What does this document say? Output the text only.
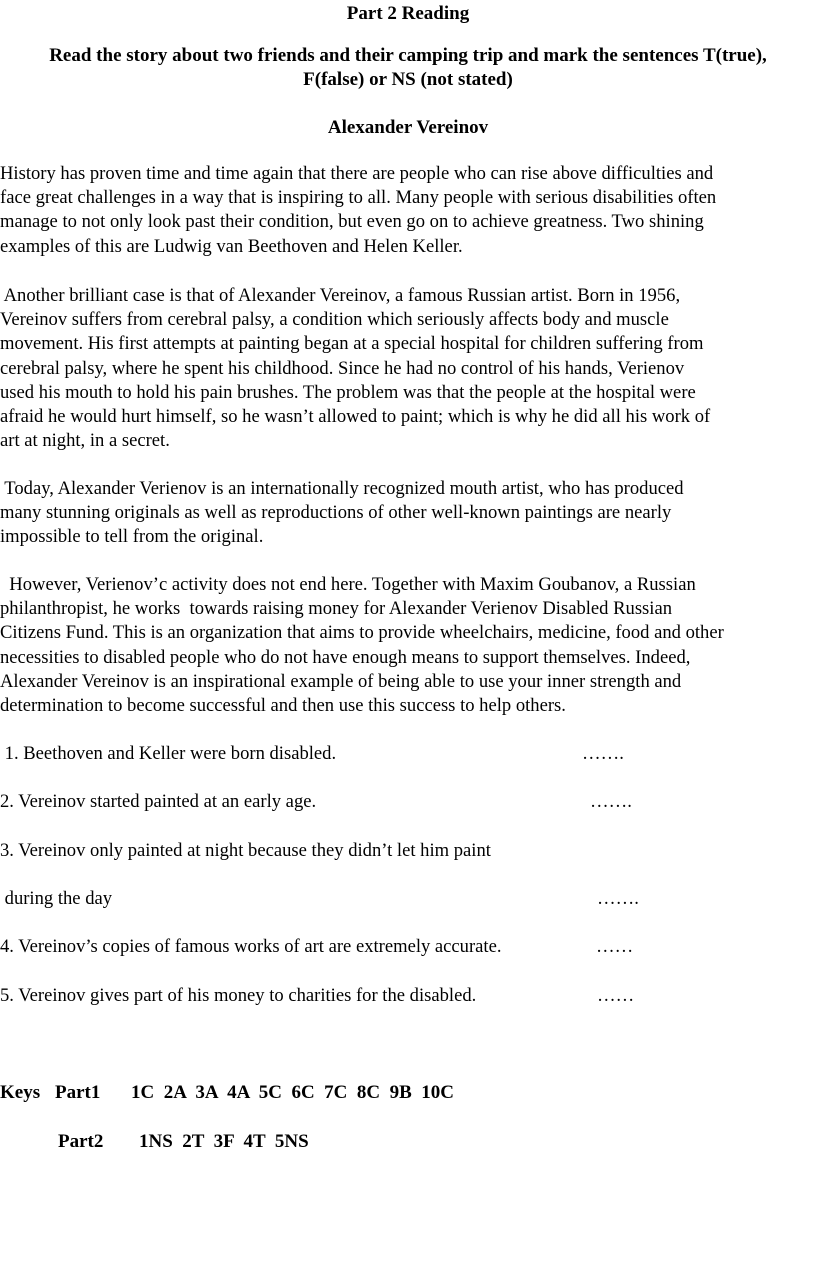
Part 2 Reading

Read the story about two friends and their camping trip and mark the sentences T(true),
F(false) or NS (not stated)

Alexander Vereinov

History has proven time and time again that there are people who can rise above difficulties and
face great challenges in a way that is inspiring to all. Many people with serious disabilities often
manage to not only look past their condition, but even go on to achieve greatness. Two shining
examples of this are Ludwig van Beethoven and Helen Keller.
Another brilliant case is that of Alexander Vereinov, a famous Russian artist. Born in 1956,
Vereinov suffers from cerebral palsy, a condition which seriously affects body and muscle
movement. His first attempts at painting began at a special hospital for children suffering from
cerebral palsy, where he spent his childhood. Since he had no control of his hands, Verienov
used his mouth to hold his pain brushes. The problem was that the people at the hospital were
afraid he would hurt himself, so he wasn’t allowed to paint; which is why he did all his work of
art at night, in a secret.
Today, Alexander Verienov is an internationally recognized mouth artist, who has produced
many stunning originals as well as reproductions of other well-known paintings are nearly
impossible to tell from the original.
However, Verienov’c activity does not end here. Together with Maxim Goubanov, a Russian
philanthropist, he works  towards raising money for Alexander Verienov Disabled Russian
Citizens Fund. This is an organization that aims to provide wheelchairs, medicine, food and other
necessities to disabled people who do not have enough means to support themselves. Indeed,
Alexander Vereinov is an inspirational example of being able to use your inner strength and
determination to become successful and then use this success to help others.
1. Beethoven and Keller were born disabled.	…….
2. Vereinov started painted at an early age.	…….
3. Vereinov only painted at night because they didn’t let him paint
during the day	…….
4. Vereinov’s copies of famous works of art are extremely accurate.	……
5. Vereinov gives part of his money to charities for the disabled.	……
Keys Part1 1C  2A  3A  4A  5C  6C  7C  8C  9B  10C
Part2 1NS  2T  3F  4T  5NS
